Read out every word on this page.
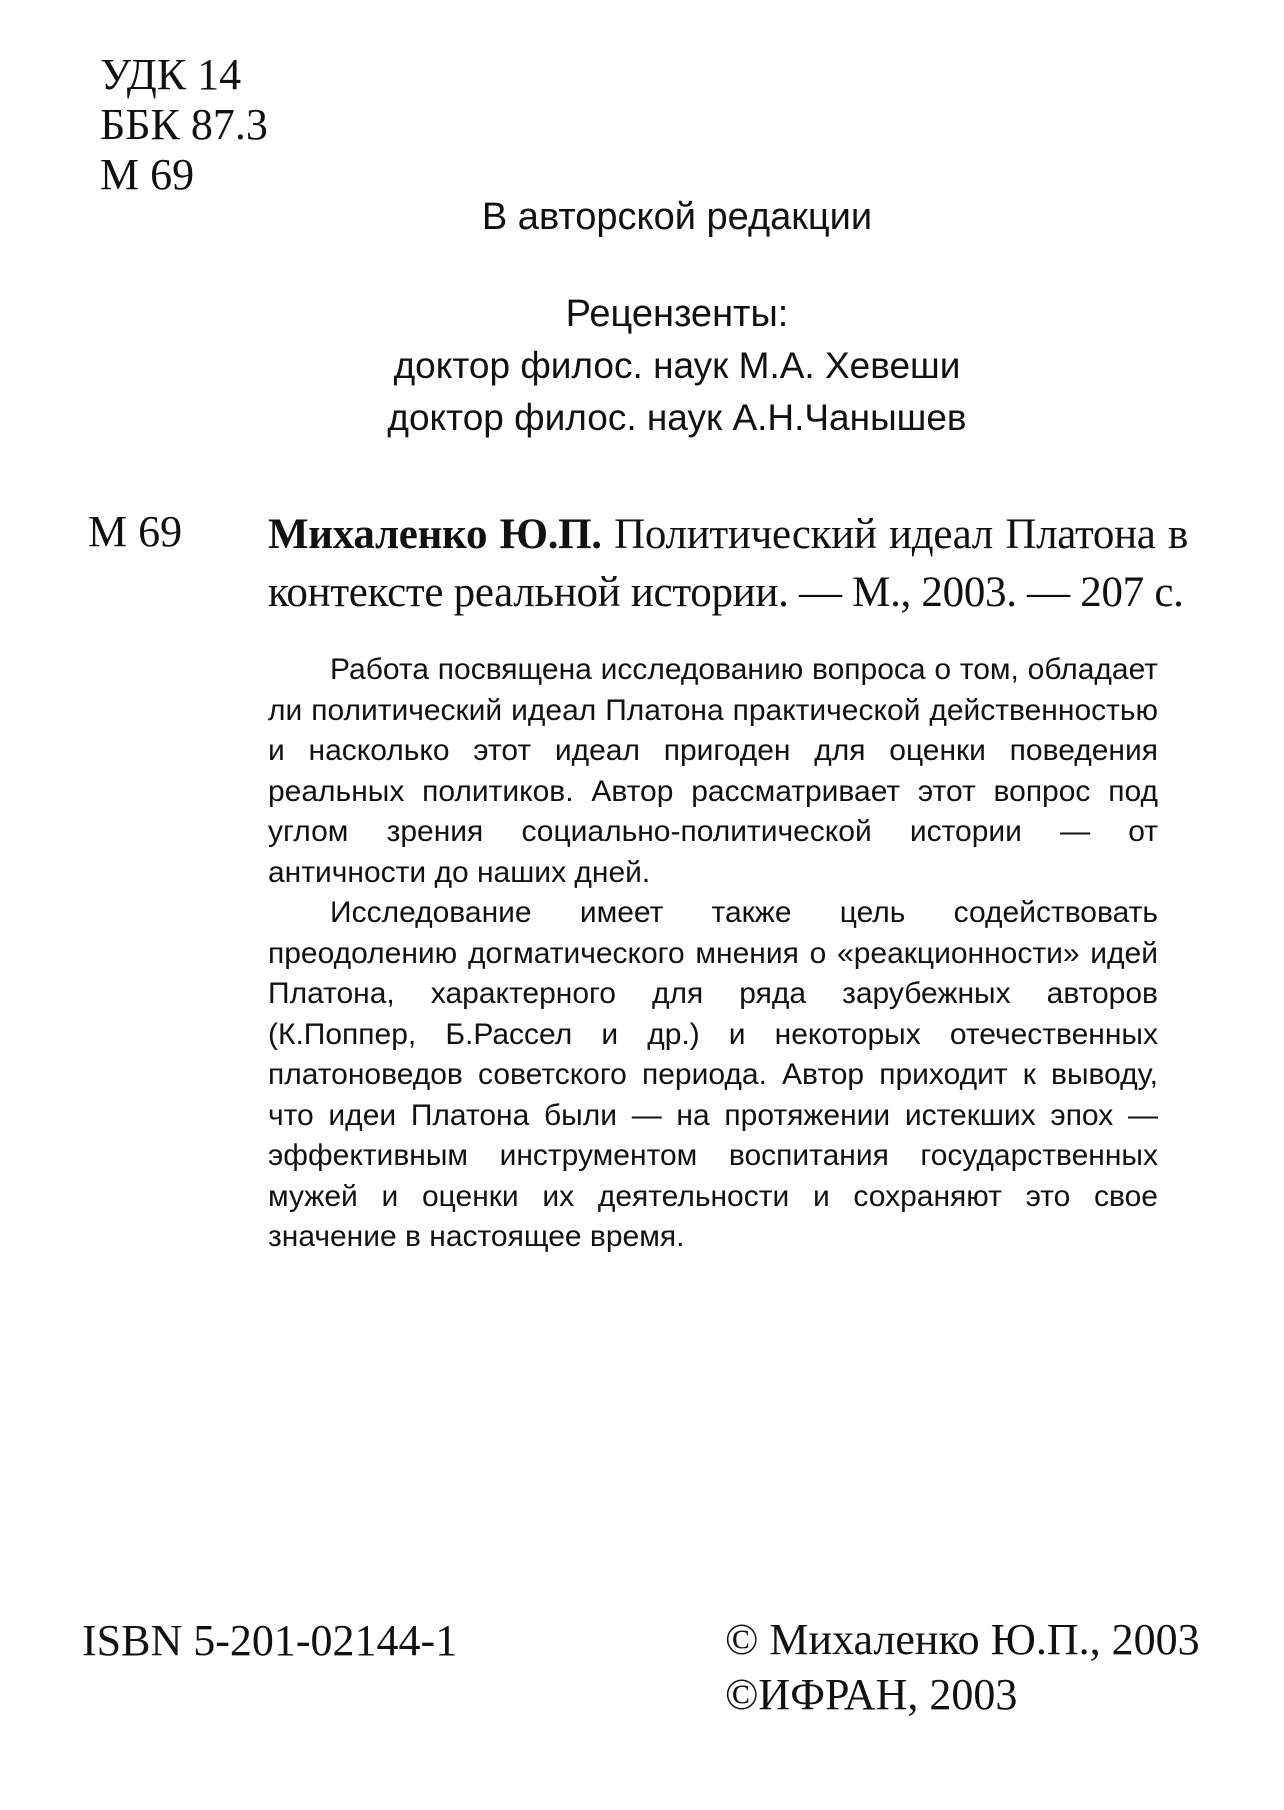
УДК 14
ББК 87.3
М 69
В авторской редакции
Рецензенты:
доктор филос. наук М.А. Хевеши
доктор филос. наук А.Н.Чанышев
М 69 Михаленко Ю.П. Политический идеал Платона в контексте реальной истории. — М., 2003. — 207 с.

Работа посвящена исследованию вопроса о том, обладает ли политический идеал Платона практической действенностью и насколько этот идеал пригоден для оценки поведения реальных политиков. Автор рассматривает этот вопрос под углом зрения социально-политической истории — от античности до наших дней.

Исследование имеет также цель содействовать преодолению догматического мнения о «реакционности» идей Платона, характерного для ряда зарубежных авторов (К.Поппер, Б.Рассел и др.) и некоторых отечественных платоноведов советского периода. Автор приходит к выводу, что идеи Платона были — на протяжении истекших эпох — эффективным инструментом воспитания государственных мужей и оценки их деятельности и сохраняют это свое значение в настоящее время.

ISBN 5-201-02144-1	© Михаленко Ю.П., 2003
©ИФРАН, 2003
